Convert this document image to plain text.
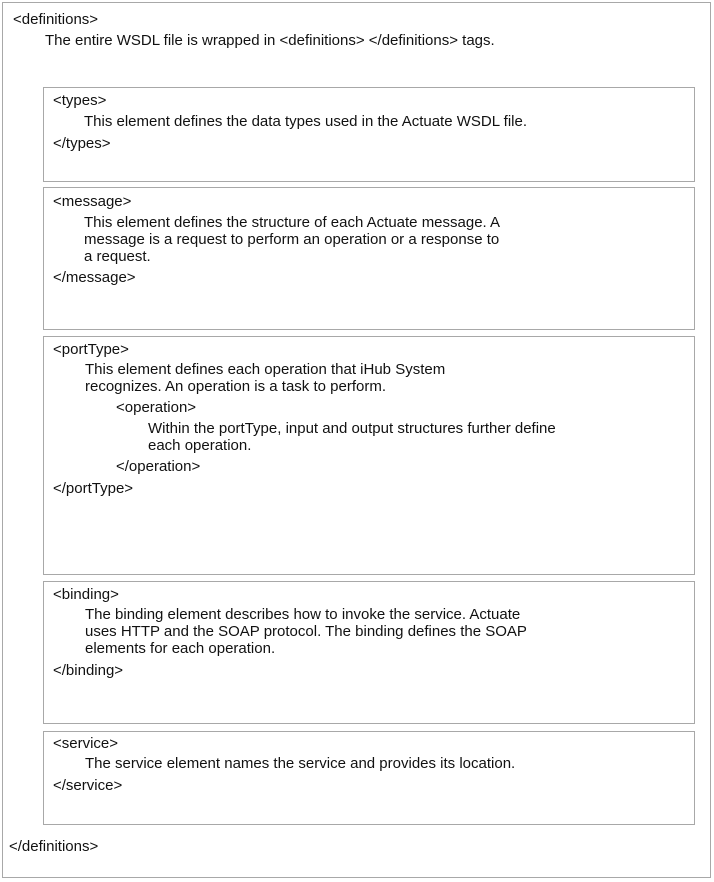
<definitions>
The entire WSDL file is wrapped in <definitions> </definitions> tags.
<types>
This element defines the data types used in the Actuate WSDL file.
</types>
<message>
This element defines the structure of each Actuate message. A
message is a request to perform an operation or a response to
a request.
</message>
<portType>
This element defines each operation that iHub System
recognizes. An operation is a task to perform.
<operation>
Within the portType, input and output structures further define
each operation.
</operation>
</portType>
<binding>
The binding element describes how to invoke the service. Actuate
uses HTTP and the SOAP protocol. The binding defines the SOAP
elements for each operation.
</binding>
<service>
The service element names the service and provides its location.
</service>
</definitions>
